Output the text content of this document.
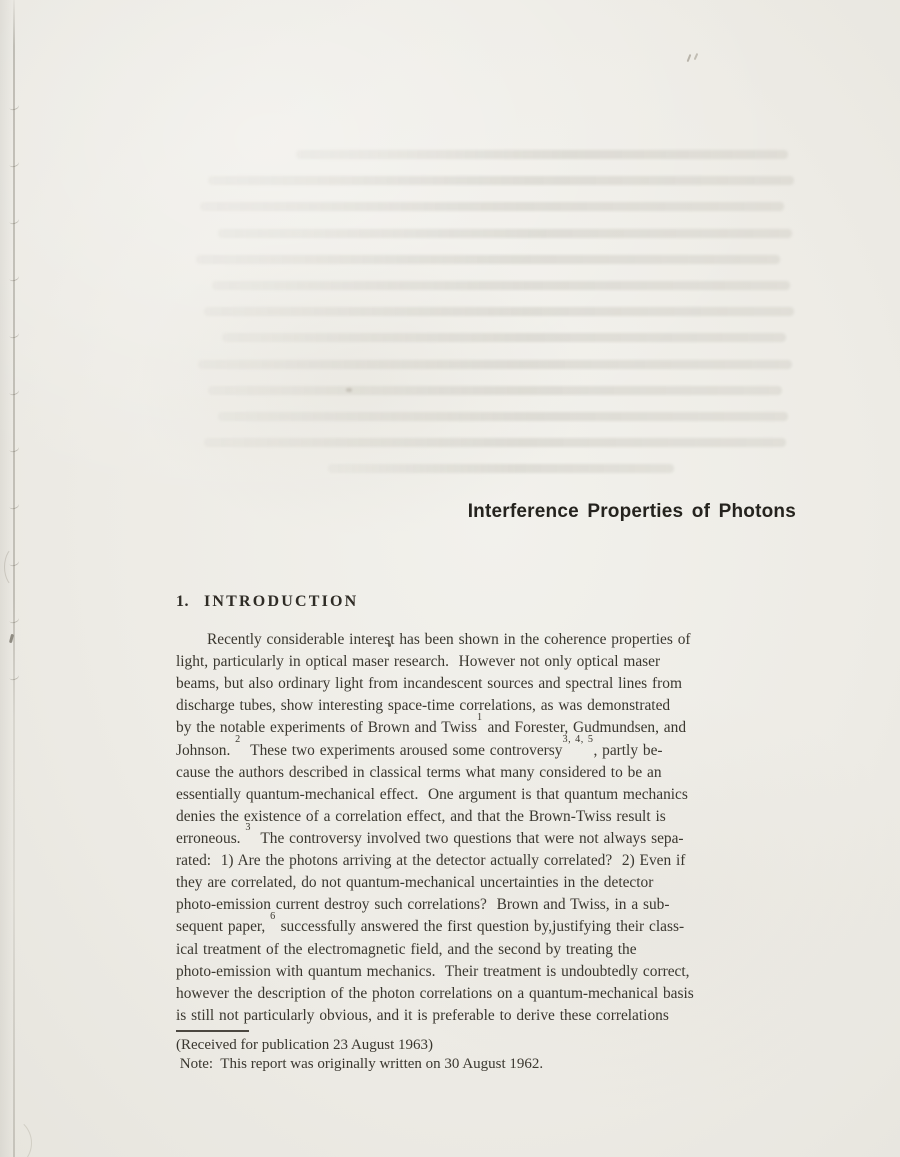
Interference Properties of Photons
1. INTRODUCTION
Recently considerable interest has been shown in the coherence properties of
light, particularly in optical maser research.  However not only optical maser
beams, but also ordinary light from incandescent sources and spectral lines from
discharge tubes, show interesting space-time correlations, as was demonstrated
by the notable experiments of Brown and Twiss$^1$ and Forester, Gudmundsen, and
Johnson. $^2$  These two experiments aroused some controversy$^{3, 4, 5}$, partly be-
cause the authors described in classical terms what many considered to be an
essentially quantum-mechanical effect.  One argument is that quantum mechanics
denies the existence of a correlation effect, and that the Brown-Twiss result is
erroneous. $^3$  The controversy involved two questions that were not always sepa-
rated:  1) Are the photons arriving at the detector actually correlated?  2) Even if
they are correlated, do not quantum-mechanical uncertainties in the detector
photo-emission current destroy such correlations?  Brown and Twiss, in a sub-
sequent paper, $^6$ successfully answered the first question by,justifying their class-
ical treatment of the electromagnetic field, and the second by treating the
photo-emission with quantum mechanics.  Their treatment is undoubtedly correct,
however the description of the photon correlations on a quantum-mechanical basis
is still not particularly obvious, and it is preferable to derive these correlations
(Received for publication 23 August 1963)
Note:  This report was originally written on 30 August 1962.
